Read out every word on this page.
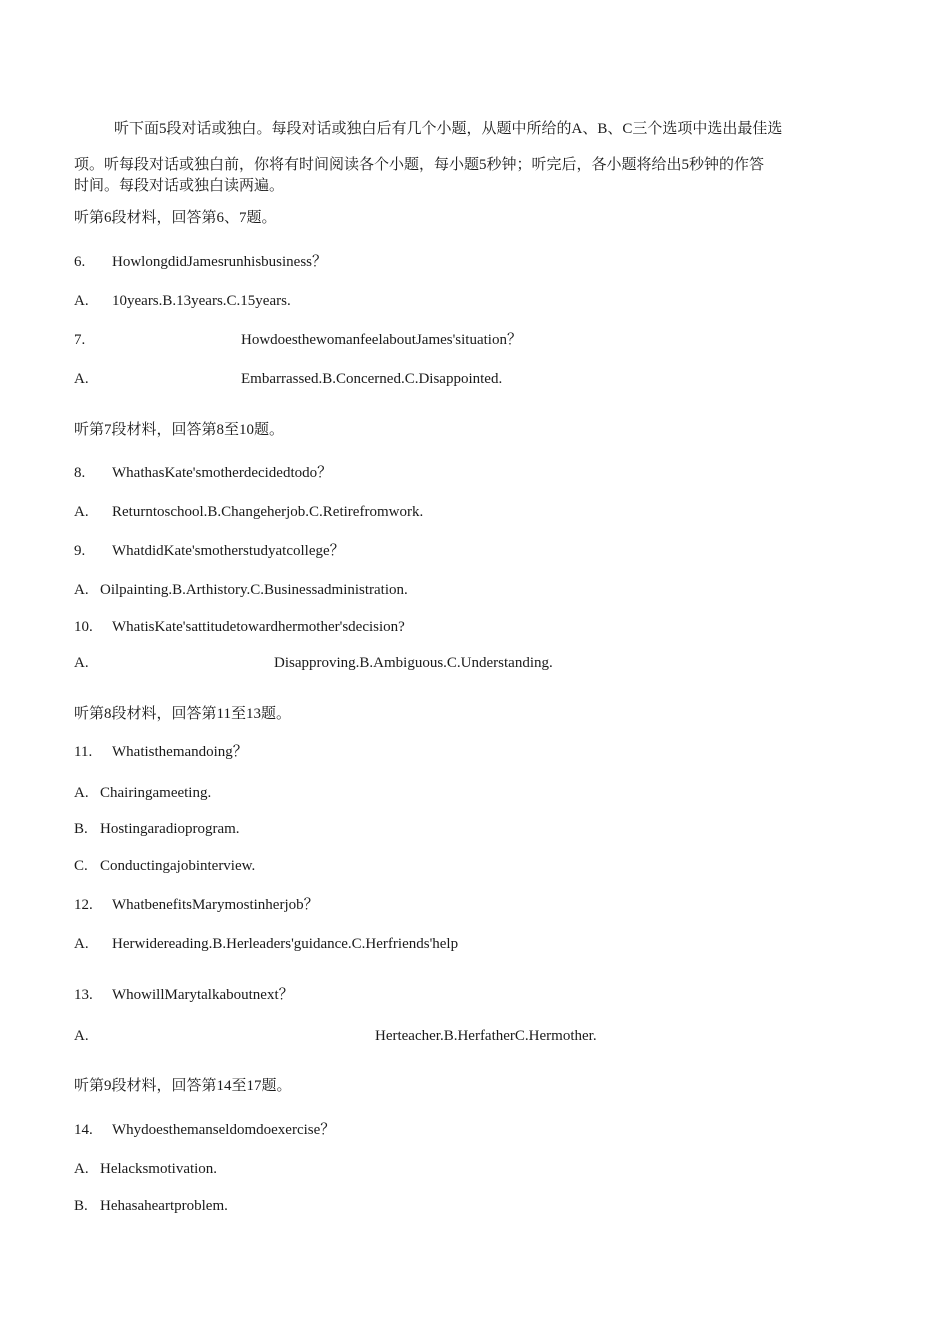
听下面5段对话或独白。每段对话或独白后有几个小题，从题中所给的A、B、C三个选项中选出最佳选
项。听每段对话或独白前，你将有时间阅读各个小题，每小题5秒钟；听完后，各小题将给出5秒钟的作答
时间。每段对话或独白读两遍。
听第6段材料，回答第6、7题。
6. HowlongdidJamesrunhisbusiness？
A. 10years.B.13years.C.15years.
7.	HowdoesthewomanfeelaboutJames'situation？
A.	Embarrassed.B.Concerned.C.Disappointed.
听第7段材料，回答第8至10题。
8. WhathasKate'smotherdecidedtodo？
A. Returntoschool.B.Changeherjob.C.Retirefromwork.
9. WhatdidKate'smotherstudyatcollege？
A. Oilpainting.B.Arthistory.C.Businessadministration.
10. WhatisKate'sattitudetowardhermother'sdecision?
A.	Disapproving.B.Ambiguous.C.Understanding.
听第8段材料，回答第11至13题。
11. Whatisthemandoing？
A. Chairingameeting.
B. Hostingaradioprogram.
C. Conductingajobinterview.
12. WhatbenefitsMarymostinherjob？
A. Herwidereading.B.Herleaders'guidance.C.Herfriends'help
13. WhowillMarytalkaboutnext？
A.	Herteacher.B.HerfatherC.Hermother.
听第9段材料，回答第14至17题。
14. Whydoesthemanseldomdoexercise？
A. Helacksmotivation.
B. Hehasaheartproblem.
